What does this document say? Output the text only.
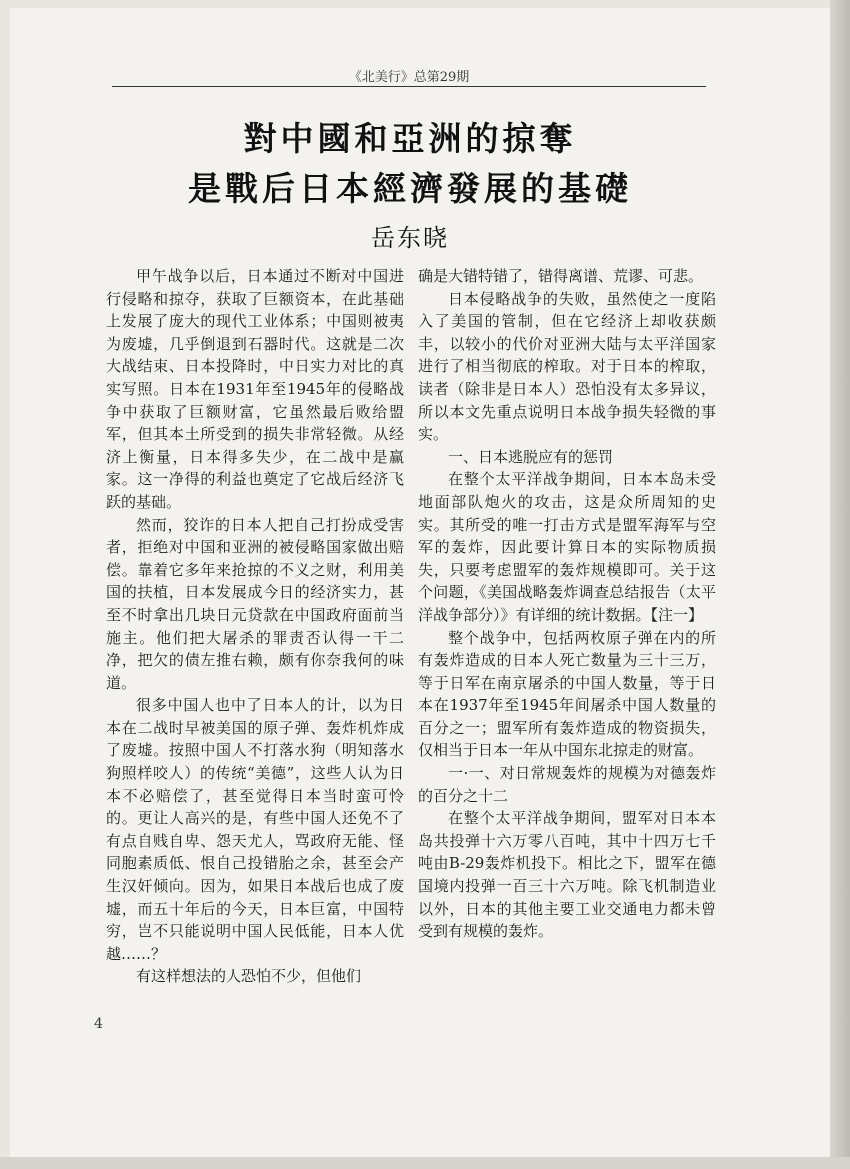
《北美行》总第29期
對中國和亞洲的掠奪
是戰后日本經濟發展的基礎
岳东晓

甲午战争以后，日本通过不断对中国进行侵略和掠夺，获取了巨额资本，在此基础上发展了庞大的现代工业体系；中国则被夷为废墟，几乎倒退到石器时代。这就是二次大战结束、日本投降时，中日实力对比的真实写照。日本在1931年至1945年的侵略战争中获取了巨额财富，它虽然最后败给盟军，但其本土所受到的损失非常轻微。从经济上衡量，日本得多失少，在二战中是赢家。这一净得的利益也奠定了它战后经济飞跃的基础。

然而，狡诈的日本人把自己打扮成受害者，拒绝对中国和亚洲的被侵略国家做出赔偿。靠着它多年来抢掠的不义之财，利用美国的扶植，日本发展成今日的经济实力，甚至不时拿出几块日元贷款在中国政府面前当施主。他们把大屠杀的罪责否认得一干二净，把欠的债左推右赖，颇有你奈我何的味道。

很多中国人也中了日本人的计，以为日本在二战时早被美国的原子弹、轰炸机炸成了废墟。按照中国人不打落水狗（明知落水狗照样咬人）的传统“美德”，这些人认为日本不必赔偿了，甚至觉得日本当时蛮可怜的。更让人高兴的是，有些中国人还免不了有点自贱自卑、怨天尤人，骂政府无能、怪同胞素质低、恨自己投错胎之余，甚至会产生汉奸倾向。因为，如果日本战后也成了废墟，而五十年后的今天，日本巨富，中国特穷，岂不只能说明中国人民低能，日本人优越……？

有这样想法的人恐怕不少，但他们

确是大错特错了，错得离谱、荒谬、可悲。

日本侵略战争的失败，虽然使之一度陷入了美国的管制，但在它经济上却收获颇丰，以较小的代价对亚洲大陆与太平洋国家进行了相当彻底的榨取。对于日本的榨取，读者（除非是日本人）恐怕没有太多异议，所以本文先重点说明日本战争损失轻微的事实。

一、日本逃脱应有的惩罚

在整个太平洋战争期间，日本本岛未受地面部队炮火的攻击，这是众所周知的史实。其所受的唯一打击方式是盟军海军与空军的轰炸，因此要计算日本的实际物质损失，只要考虑盟军的轰炸规模即可。关于这个问题，《美国战略轰炸调查总结报告（太平洋战争部分）》有详细的统计数据。【注一】

整个战争中，包括两枚原子弹在内的所有轰炸造成的日本人死亡数量为三十三万，等于日军在南京屠杀的中国人数量，等于日本在1937年至1945年间屠杀中国人数量的百分之一；盟军所有轰炸造成的物资损失，仅相当于日本一年从中国东北掠走的财富。

一·一、对日常规轰炸的规模为对德轰炸的百分之十二

在整个太平洋战争期间，盟军对日本本岛共投弹十六万零八百吨，其中十四万七千吨由B-29轰炸机投下。相比之下，盟军在德国境内投弹一百三十六万吨。除飞机制造业以外，日本的其他主要工业交通电力都未曾受到有规模的轰炸。

4
